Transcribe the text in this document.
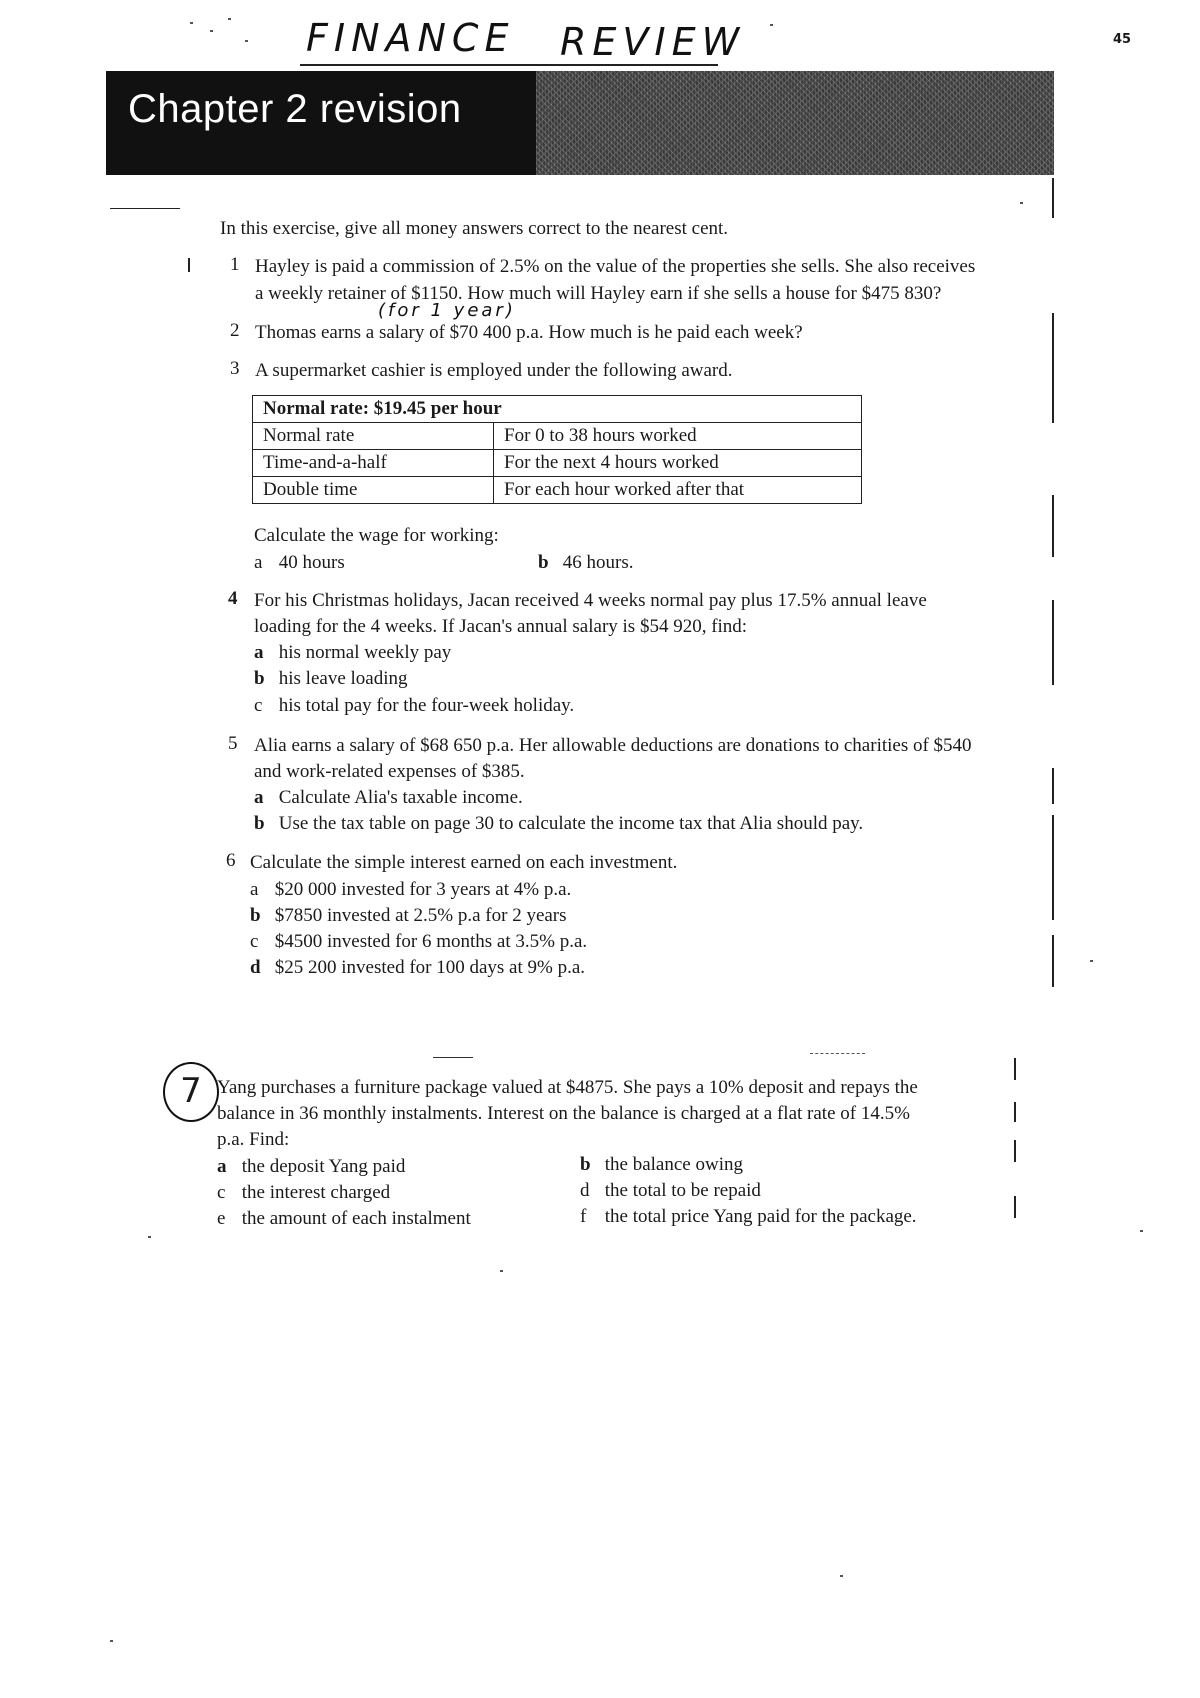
FINANCE REVIEW	45
Chapter 2 revision
In this exercise, give all money answers correct to the nearest cent.
1 Hayley is paid a commission of 2.5% on the value of the properties she sells. She also receives
a weekly retainer of $1150. How much will Hayley earn if she sells a house for $475 830?
(for 1 year)
2 Thomas earns a salary of $70 400 p.a. How much is he paid each week?
3 A supermarket cashier is employed under the following award.
Normal rate: $19.45 per hour	
Normal rate	For 0 to 38 hours worked
Time-and-a-half	For the next 4 hours worked
Double time	For each hour worked after that
Calculate the wage for working:
a 40 hours	b 46 hours.
4 For his Christmas holidays, Jacan received 4 weeks normal pay plus 17.5% annual leave
loading for the 4 weeks. If Jacan's annual salary is $54 920, find:
a his normal weekly pay
b his leave loading
c his total pay for the four-week holiday.
5 Alia earns a salary of $68 650 p.a. Her allowable deductions are donations to charities of $540
and work-related expenses of $385.
a Calculate Alia's taxable income.
b Use the tax table on page 30 to calculate the income tax that Alia should pay.
6 Calculate the simple interest earned on each investment.
a $20 000 invested for 3 years at 4% p.a.
b $7850 invested at 2.5% p.a for 2 years
c $4500 invested for 6 months at 3.5% p.a.
d $25 200 invested for 100 days at 9% p.a.
7 Yang purchases a furniture package valued at $4875. She pays a 10% deposit and repays the
balance in 36 monthly instalments. Interest on the balance is charged at a flat rate of 14.5%
p.a. Find:
a the deposit Yang paid	b the balance owing
c the interest charged	d the total to be repaid
e the amount of each instalment	f the total price Yang paid for the package.
